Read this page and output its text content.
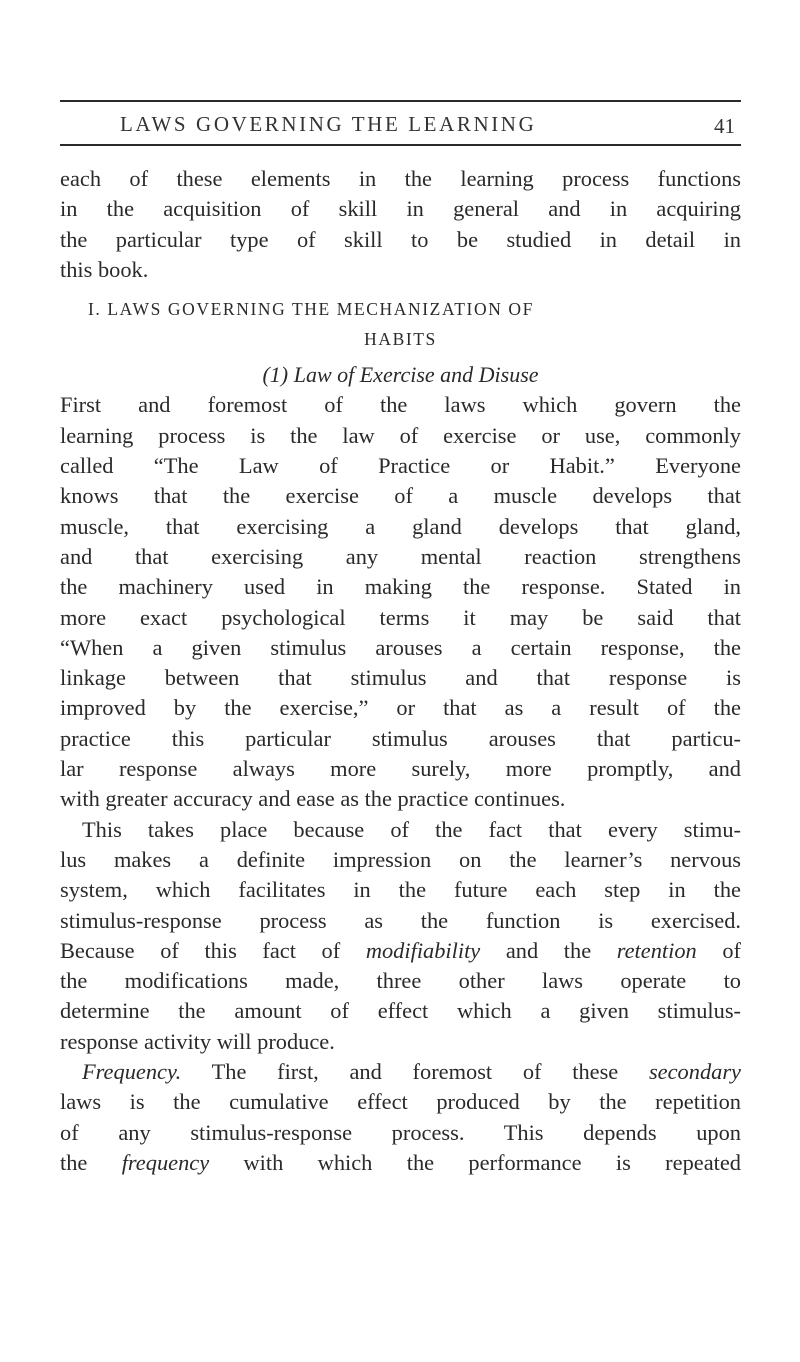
LAWS GOVERNING THE LEARNING	41
each of these elements in the learning process functions
in the acquisition of skill in general and in acquiring
the particular type of skill to be studied in detail in
this book.
I. LAWS GOVERNING THE MECHANIZATION OF
HABITS
(1) Law of Exercise and Disuse
First and foremost of the laws which govern the
learning process is the law of exercise or use, commonly
called “The Law of Practice or Habit.” Everyone
knows that the exercise of a muscle develops that
muscle, that exercising a gland develops that gland,
and that exercising any mental reaction strengthens
the machinery used in making the response. Stated in
more exact psychological terms it may be said that
“When a given stimulus arouses a certain response, the
linkage between that stimulus and that response is
improved by the exercise,” or that as a result of the
practice this particular stimulus arouses that particu-
lar response always more surely, more promptly, and
with greater accuracy and ease as the practice continues.
This takes place because of the fact that every stimu-
lus makes a definite impression on the learner’s nervous
system, which facilitates in the future each step in the
stimulus-response process as the function is exercised.
Because of this fact of modifiability and the retention of
the modifications made, three other laws operate to
determine the amount of effect which a given stimulus-
response activity will produce.
Frequency. The first, and foremost of these secondary
laws is the cumulative effect produced by the repetition
of any stimulus-response process. This depends upon
the frequency with which the performance is repeated
